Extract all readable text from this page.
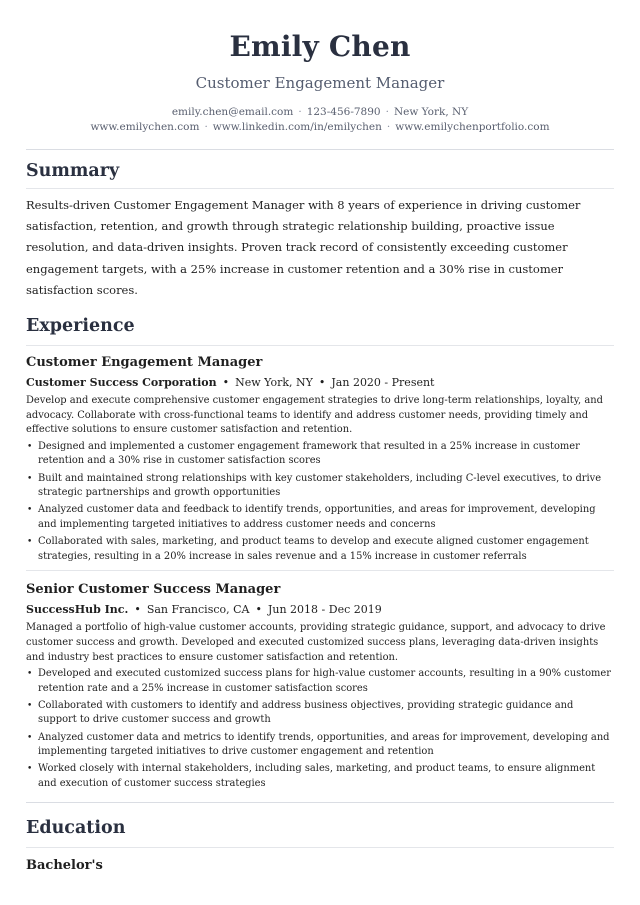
Emily Chen
Customer Engagement Manager
emily.chen@email.com · 123-456-7890 · New York, NY
www.emilychen.com · www.linkedin.com/in/emilychen · www.emilychenportfolio.com
Summary
Results-driven Customer Engagement Manager with 8 years of experience in driving customer satisfaction, retention, and growth through strategic relationship building, proactive issue resolution, and data-driven insights. Proven track record of consistently exceeding customer engagement targets, with a 25% increase in customer retention and a 30% rise in customer satisfaction scores.
Experience
Customer Engagement Manager
Customer Success Corporation • New York, NY • Jan 2020 - Present
Develop and execute comprehensive customer engagement strategies to drive long-term relationships, loyalty, and advocacy. Collaborate with cross-functional teams to identify and address customer needs, providing timely and effective solutions to ensure customer satisfaction and retention.
• Designed and implemented a customer engagement framework that resulted in a 25% increase in customer retention and a 30% rise in customer satisfaction scores
• Built and maintained strong relationships with key customer stakeholders, including C-level executives, to drive strategic partnerships and growth opportunities
• Analyzed customer data and feedback to identify trends, opportunities, and areas for improvement, developing and implementing targeted initiatives to address customer needs and concerns
• Collaborated with sales, marketing, and product teams to develop and execute aligned customer engagement strategies, resulting in a 20% increase in sales revenue and a 15% increase in customer referrals
Senior Customer Success Manager
SuccessHub Inc. • San Francisco, CA • Jun 2018 - Dec 2019
Managed a portfolio of high-value customer accounts, providing strategic guidance, support, and advocacy to drive customer success and growth. Developed and executed customized success plans, leveraging data-driven insights and industry best practices to ensure customer satisfaction and retention.
• Developed and executed customized success plans for high-value customer accounts, resulting in a 90% customer retention rate and a 25% increase in customer satisfaction scores
• Collaborated with customers to identify and address business objectives, providing strategic guidance and support to drive customer success and growth
• Analyzed customer data and metrics to identify trends, opportunities, and areas for improvement, developing and implementing targeted initiatives to drive customer engagement and retention
• Worked closely with internal stakeholders, including sales, marketing, and product teams, to ensure alignment and execution of customer success strategies
Education
Bachelor's
